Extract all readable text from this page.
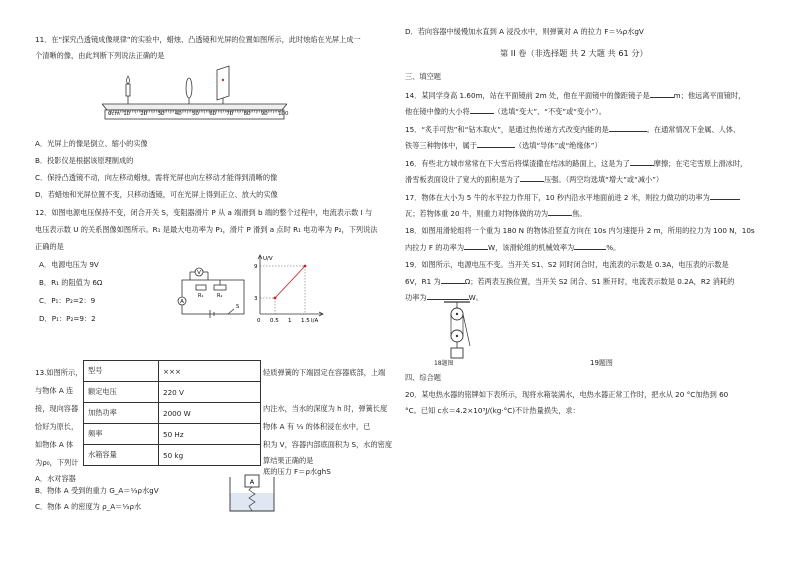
11．在“探究凸透镜成像规律”的实验中，蜡烛、凸透镜和光屏的位置如图所示，此时烛焰在光屏上成一
个清晰的像，由此判断下列说法正确的是
0cm 10 20 30 40 50 60 70 80 90 100
A．光屏上的像是倒立、缩小的实像
B．投影仪是根据该原理制成的
C．保持凸透镜不动，向左移动蜡烛，需将光屏也向左移动才能得到清晰的像
D．若蜡烛和光屏位置不变，只移动透镜，可在光屏上得到正立、放大的实像
12．如图电源电压保持不变，闭合开关 S，变阻器滑片 P 从 a 端滑到 b 端的整个过程中，电流表示数 I 与
电压表示数 U 的关系图像如图所示。R₁ 是最大电功率为 P₁，滑片 P 滑到 a 点时 R₁ 电功率为 P₂，下列说法
正确的是
A．电源电压为 9V
B．R₁ 的阻值为 6Ω
C．P₁：P₂=2：9
D．P₁：P₂=9：2
V
A
R₁	R₂
S
U/V
I/A
9
3
0 0.5 1 1.5
13.如图所示，
与物体 A 连
接，现向容器
恰好为原长，
如物体 A 体
为ρ₀，下列计
型号	×××
额定电压	220 V
加热功率	2000 W
频率	50 Hz
水箱容量	50 kg
轻质弹簧的下端固定在容器底部，上端
内注水，当水的深度为 h 时，弹簧长度
物体 A 有 ⅓ 的体积浸在水中，已
积为 V，容器内部底面积为 S，水的密度
算结果正确的是
底的压力 F＝ρ水ghS
A．水对容器
B．物体 A 受到的重力 G_A＝⅓ρ水gV
C．物体 A 的密度为 ρ_A＝⅓ρ水
A
D．若向容器中缓慢加水直到 A 浸没水中，则弹簧对 A 的拉力 F＝⅓ρ水gV
第 II 卷（非选择题 共 2 大题 共 61 分）
三、填空题
14．某同学身高 1.60m，站在平面镜前 2m 处，他在平面镜中的像距镜子是	m；他远离平面镜时，
他在镜中像的大小将	（选填“变大”、“不变”或“变小”）。
15．“炙手可热”和“钻木取火”，是通过热传递方式改变内能的是	。在通常情况下金属、人体、
铁等三种物体中，属于	（选填“导体”或“绝缘体”）
16．有些北方城市常常在下大雪后将煤渣撒在结冰的路面上，这是为了	摩擦；在宅宅雪原上滑冰时，
滑雪板表面设计了宽大的面积是为了	压强。（两空均选填“增大”或“减小”）
17．物体在大小为 5 牛的水平拉力作用下，10 秒内沿水平地面前进 2 米，则拉力做功的功率为
瓦；若物体重 20 牛，则重力对物体做的功为	焦。
18．如图用滑轮组将一个重为 180 N 的物体沿竖直方向在 10s 内匀速提升 2 m，所用的拉力为 100 N，10s
内拉力 F 的功率为	W，该滑轮组的机械效率为	%。
19．如图所示，电源电压不变。当开关 S1、S2 同时闭合时，电流表的示数是 0.3A，电压表的示数是
6V，R1 为	Ω；若两表互换位置，当开关 S2 闭合、S1 断开时，电流表示数是 0.2A，R2 消耗的
功率为	W。
18题图	19题图
四、综合题
20．某电热水器的铭牌如下表所示，现将水箱装满水，电热水器正常工作时，把水从 20 °C加热到 60
°C。已知 c水＝4.2×10³J/(kg·°C)不计热量损失，求：
